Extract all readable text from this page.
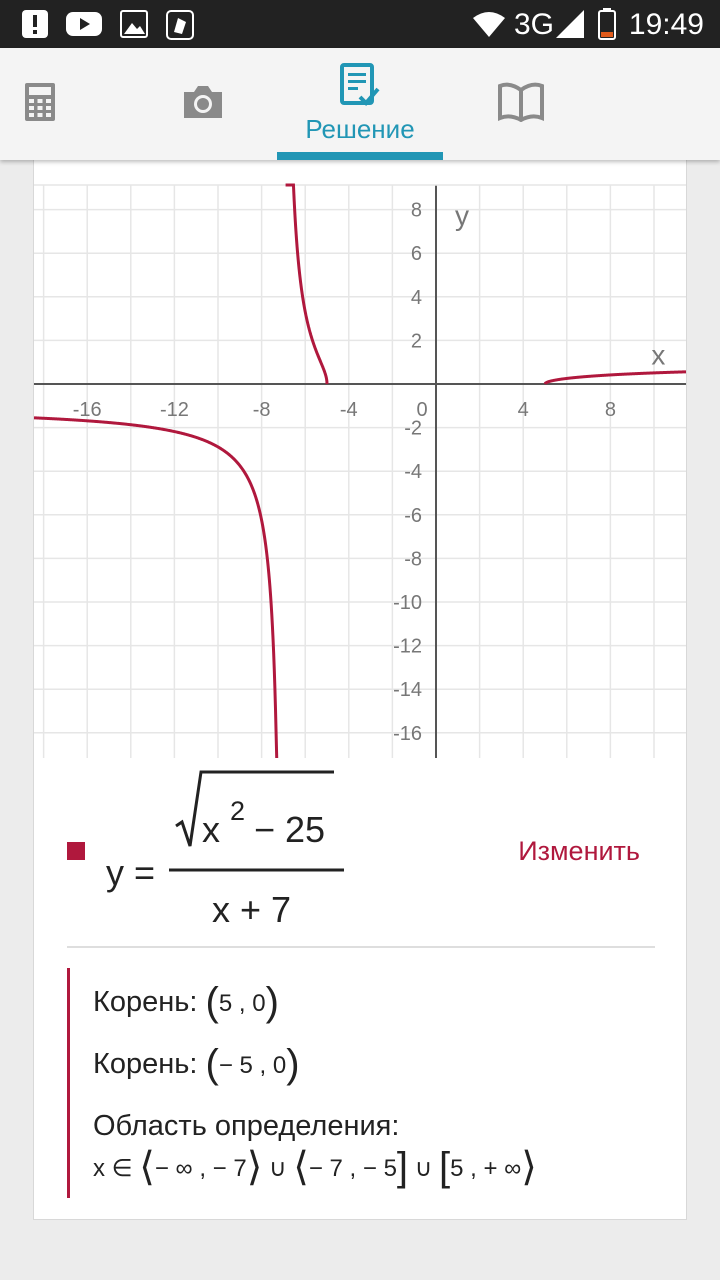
3G 19:49
Решение
-16	-12	-8	-4	0	4	8
8
6
4
2
-2
-4
-6
-8
-10
-12
-14
-16
y
x
y =
x 2 − 25
x + 7
Изменить
Корень: (5 , 0)
Корень: (− 5 , 0)
Область определения:
x ∈ ⟨− ∞ , − 7⟩ ∪ ⟨− 7 , − 5] ∪ [5 , + ∞⟩
